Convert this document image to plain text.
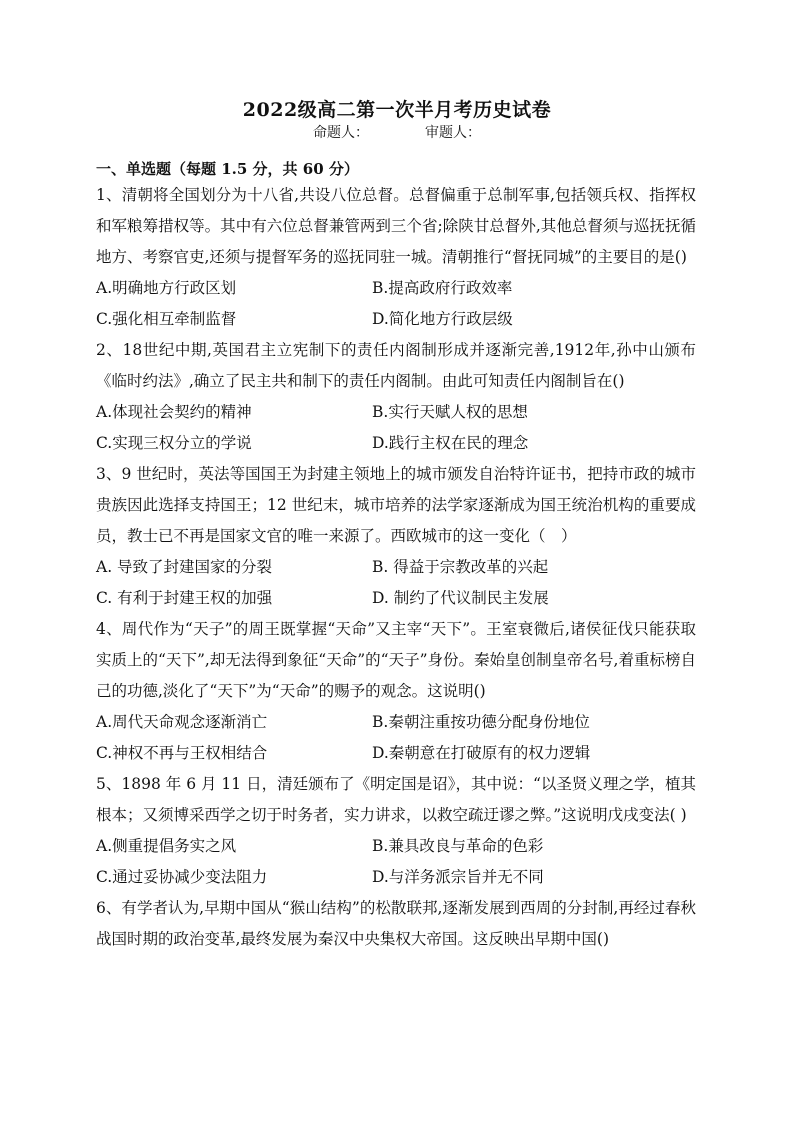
2022级高二第一次半月考历史试卷
命题人：	审题人：
一、单选题（每题 1.5 分，共 60 分）
1、清朝将全国划分为十八省,共设八位总督。总督偏重于总制军事,包括领兵权、指挥权和军粮筹措权等。其中有六位总督兼管两到三个省;除陕甘总督外,其他总督须与巡抚抚循地方、考察官吏,还须与提督军务的巡抚同驻一城。清朝推行“督抚同城”的主要目的是()
A.明确地方行政区划	B.提高政府行政效率
C.强化相互牵制监督	D.简化地方行政层级
2、18世纪中期,英国君主立宪制下的责任内阁制形成并逐渐完善,1912年,孙中山颁布《临时约法》,确立了民主共和制下的责任内阁制。由此可知责任内阁制旨在()
A.体现社会契约的精神	B.实行天赋人权的思想
C.实现三权分立的学说	D.践行主权在民的理念
3、9 世纪时，英法等国国王为封建主领地上的城市颁发自治特许证书，把持市政的城市贵族因此选择支持国王；12 世纪末，城市培养的法学家逐渐成为国王统治机构的重要成员，教士已不再是国家文官的唯一来源了。西欧城市的这一变化（　）
A. 导致了封建国家的分裂	B. 得益于宗教改革的兴起
C. 有利于封建王权的加强	D. 制约了代议制民主发展
4、周代作为“天子”的周王既掌握“天命”又主宰“天下”。王室衰微后,诸侯征伐只能获取实质上的“天下”,却无法得到象征“天命”的“天子”身份。秦始皇创制皇帝名号,着重标榜自己的功德,淡化了“天下”为“天命”的赐予的观念。这说明()
A.周代天命观念逐渐消亡	B.秦朝注重按功德分配身份地位
C.神权不再与王权相结合	D.秦朝意在打破原有的权力逻辑
5、1898 年 6 月 11 日，清廷颁布了《明定国是诏》，其中说：“以圣贤义理之学，植其根本；又须博采西学之切于时务者，实力讲求，以救空疏迂谬之弊。”这说明戊戌变法( )
A.侧重提倡务实之风	B.兼具改良与革命的色彩
C.通过妥协减少变法阻力	D.与洋务派宗旨并无不同
6、有学者认为,早期中国从“猴山结构”的松散联邦,逐渐发展到西周的分封制,再经过春秋战国时期的政治变革,最终发展为秦汉中央集权大帝国。这反映出早期中国()
